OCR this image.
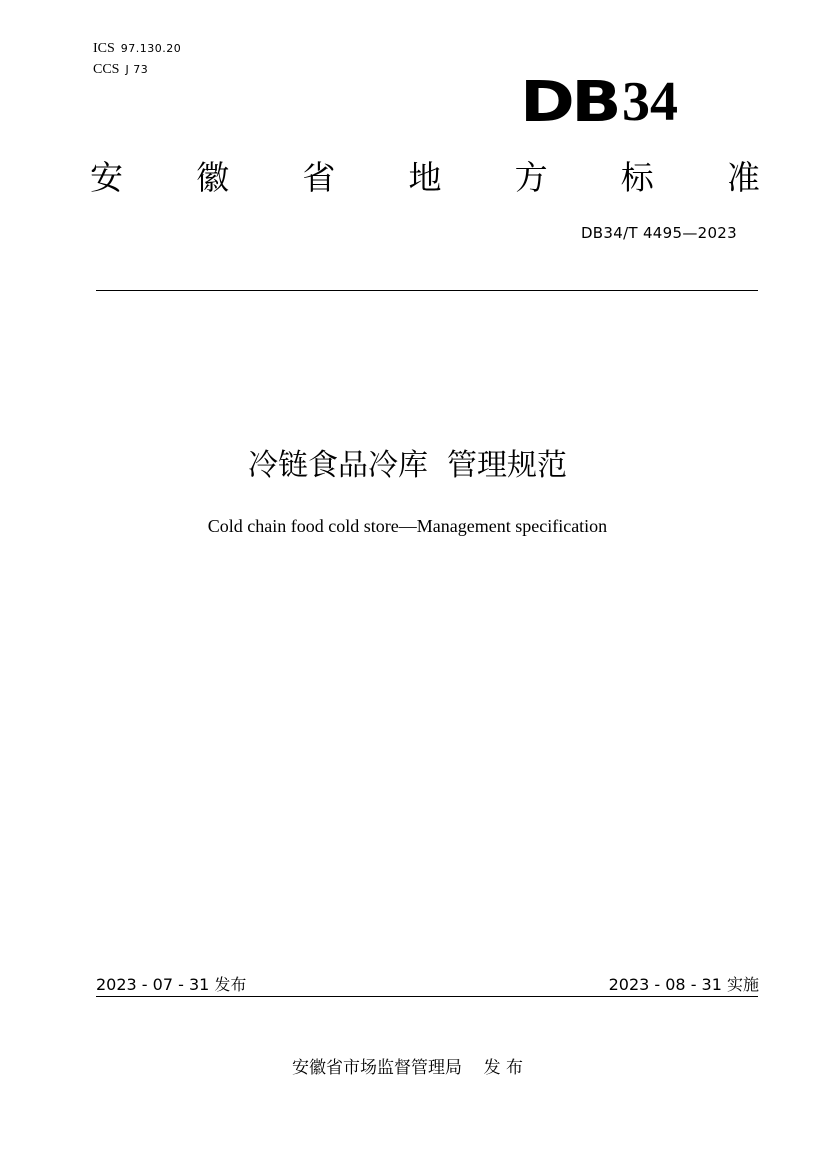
ICS 97.130.20
CCS J 73	DB 34
安 徽 省 地 方 标 准
DB34/T 4495—2023
冷链食品冷库  管理规范
Cold chain food cold store—Management specification
2023 - 07 - 31 发布	2023 - 08 - 31 实施
安徽省市场监督管理局    发 布
